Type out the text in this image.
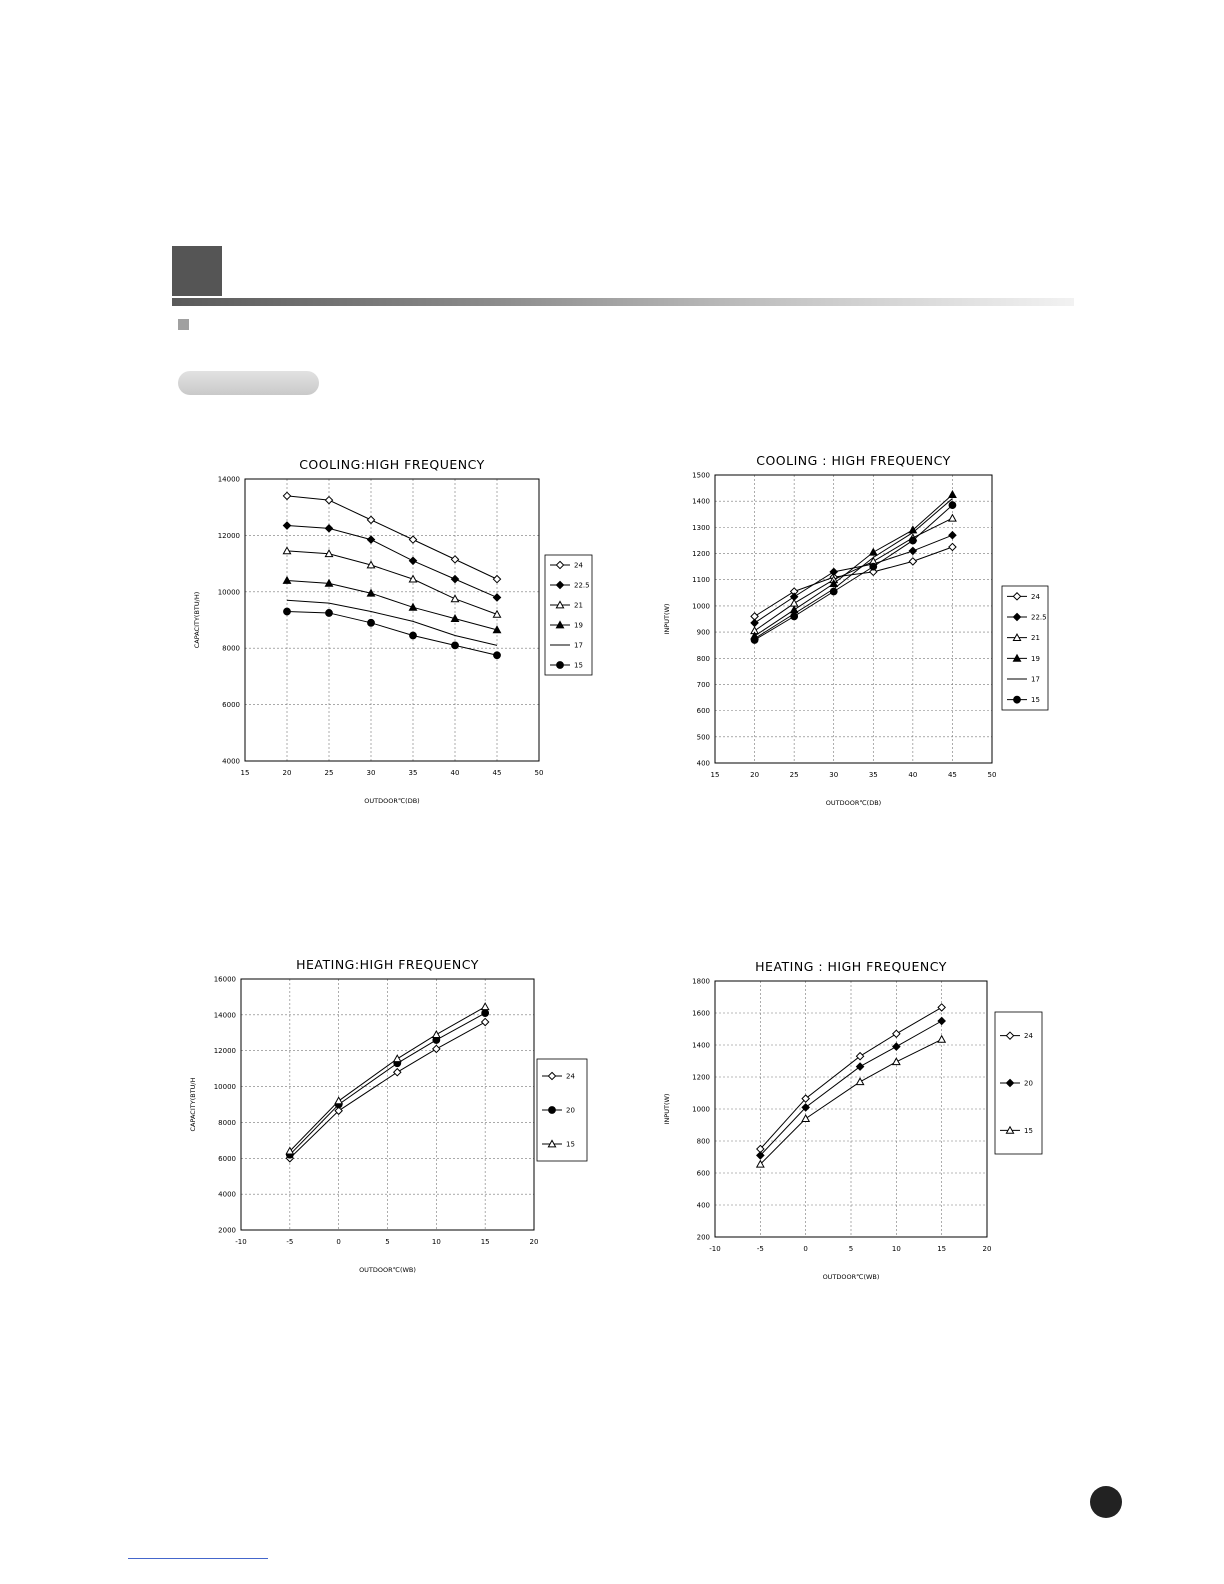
COOLING:HIGH FREQUENCY
15	20	25	30	35	40	45	50
4000
6000
8000
10000
12000
14000
OUTDOOR℃(DB)
CAPACITY(BTU/H)
24
22.5
21
19
17
15
COOLING : HIGH FREQUENCY
15	20	25	30	35	40	45	50
400
500
600
700
800
900
1000
1100
1200
1300
1400
1500
OUTDOOR℃(DB)
INPUT(W)
24
22.5
21
19
17
15
HEATING:HIGH FREQUENCY
-10	-5	0	5	10	15	20
2000
4000
6000
8000
10000
12000
14000
16000
OUTDOOR℃(WB)
CAPACITY(BTU/H
24
20
15
HEATING : HIGH FREQUENCY
-10	-5	0	5	10	15	20
200
400
600
800
1000
1200
1400
1600
1800
OUTDOOR℃(WB)
INPUT(W)
24
20
15
